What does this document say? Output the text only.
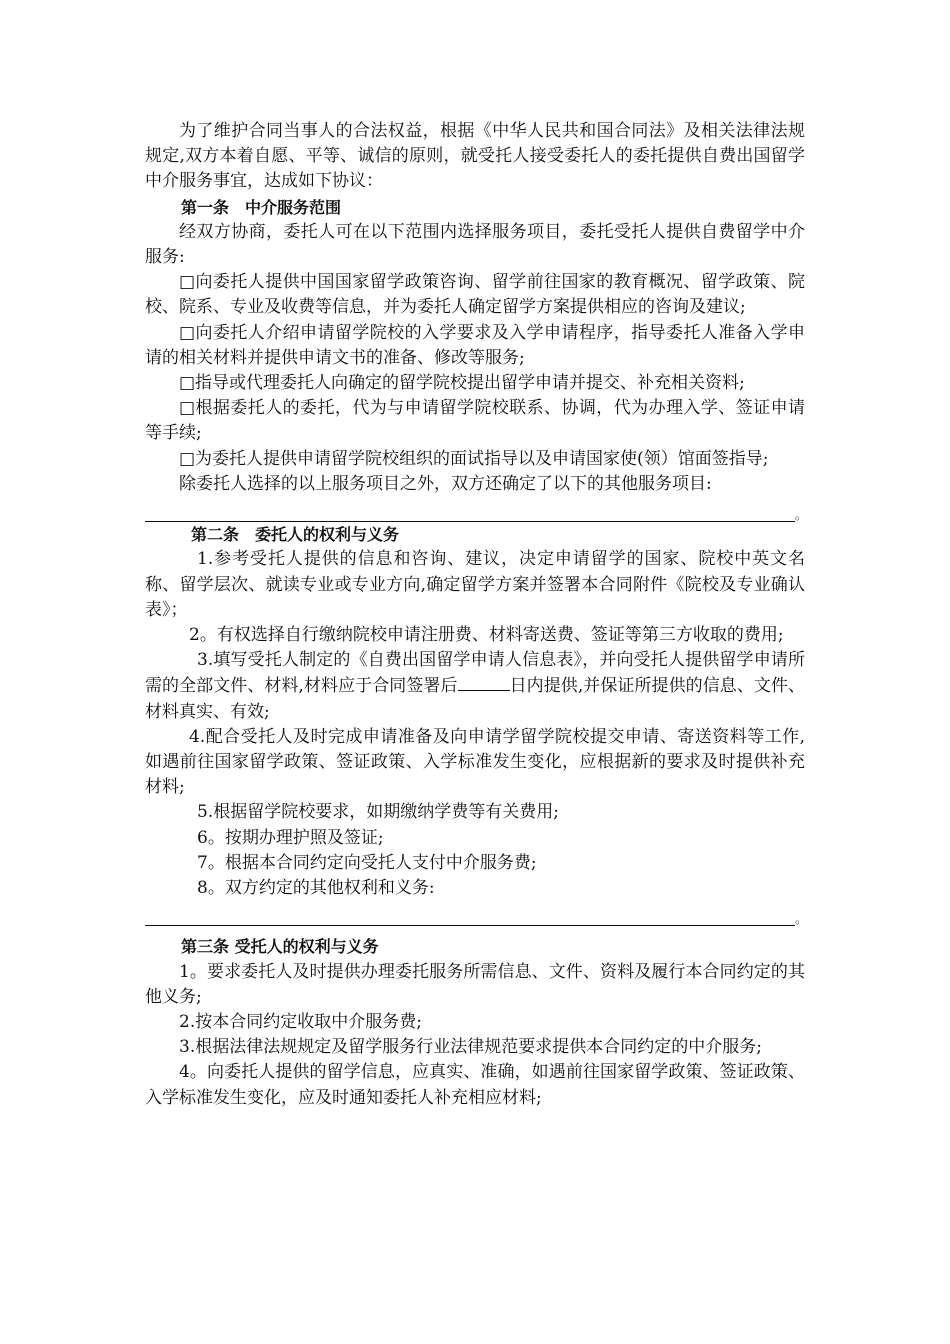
为了维护合同当事人的合法权益，根据《中华人民共和国合同法》及相关法律法规规定,双方本着自愿、平等、诚信的原则，就受托人接受委托人的委托提供自费出国留学中介服务事宜，达成如下协议：

第一条　中介服务范围

经双方协商，委托人可在以下范围内选择服务项目，委托受托人提供自费留学中介服务:

□向委托人提供中国国家留学政策咨询、留学前往国家的教育概况、留学政策、院校、院系、专业及收费等信息，并为委托人确定留学方案提供相应的咨询及建议;

□向委托人介绍申请留学院校的入学要求及入学申请程序，指导委托人准备入学申请的相关材料并提供申请文书的准备、修改等服务;

□指导或代理委托人向确定的留学院校提出留学申请并提交、补充相关资料;

□根据委托人的委托，代为与申请留学院校联系、协调，代为办理入学、签证申请等手续;

□为委托人提供申请留学院校组织的面试指导以及申请国家使(领）馆面签指导;

除委托人选择的以上服务项目之外，双方还确定了以下的其他服务项目:

。

第二条　委托人的权利与义务

1.参考受托人提供的信息和咨询、建议，决定申请留学的国家、院校中英文名称、留学层次、就读专业或专业方向,确定留学方案并签署本合同附件《院校及专业确认表》；

2。有权选择自行缴纳院校申请注册费、材料寄送费、签证等第三方收取的费用;

3.填写受托人制定的《自费出国留学申请人信息表》，并向受托人提供留学申请所需的全部文件、材料,材料应于合同签署后	日内提供,并保证所提供的信息、文件、材料真实、有效;

4.配合受托人及时完成申请准备及向申请学留学院校提交申请、寄送资料等工作,如遇前往国家留学政策、签证政策、入学标准发生变化，应根据新的要求及时提供补充材料;

5.根据留学院校要求，如期缴纳学费等有关费用;

6。按期办理护照及签证;

7。根据本合同约定向受托人支付中介服务费;

8。双方约定的其他权利和义务:

。

第三条 受托人的权利与义务

1。要求委托人及时提供办理委托服务所需信息、文件、资料及履行本合同约定的其他义务;

2.按本合同约定收取中介服务费;

3.根据法律法规规定及留学服务行业法律规范要求提供本合同约定的中介服务;

4。向委托人提供的留学信息，应真实、准确，如遇前往国家留学政策、签证政策、入学标准发生变化，应及时通知委托人补充相应材料;
